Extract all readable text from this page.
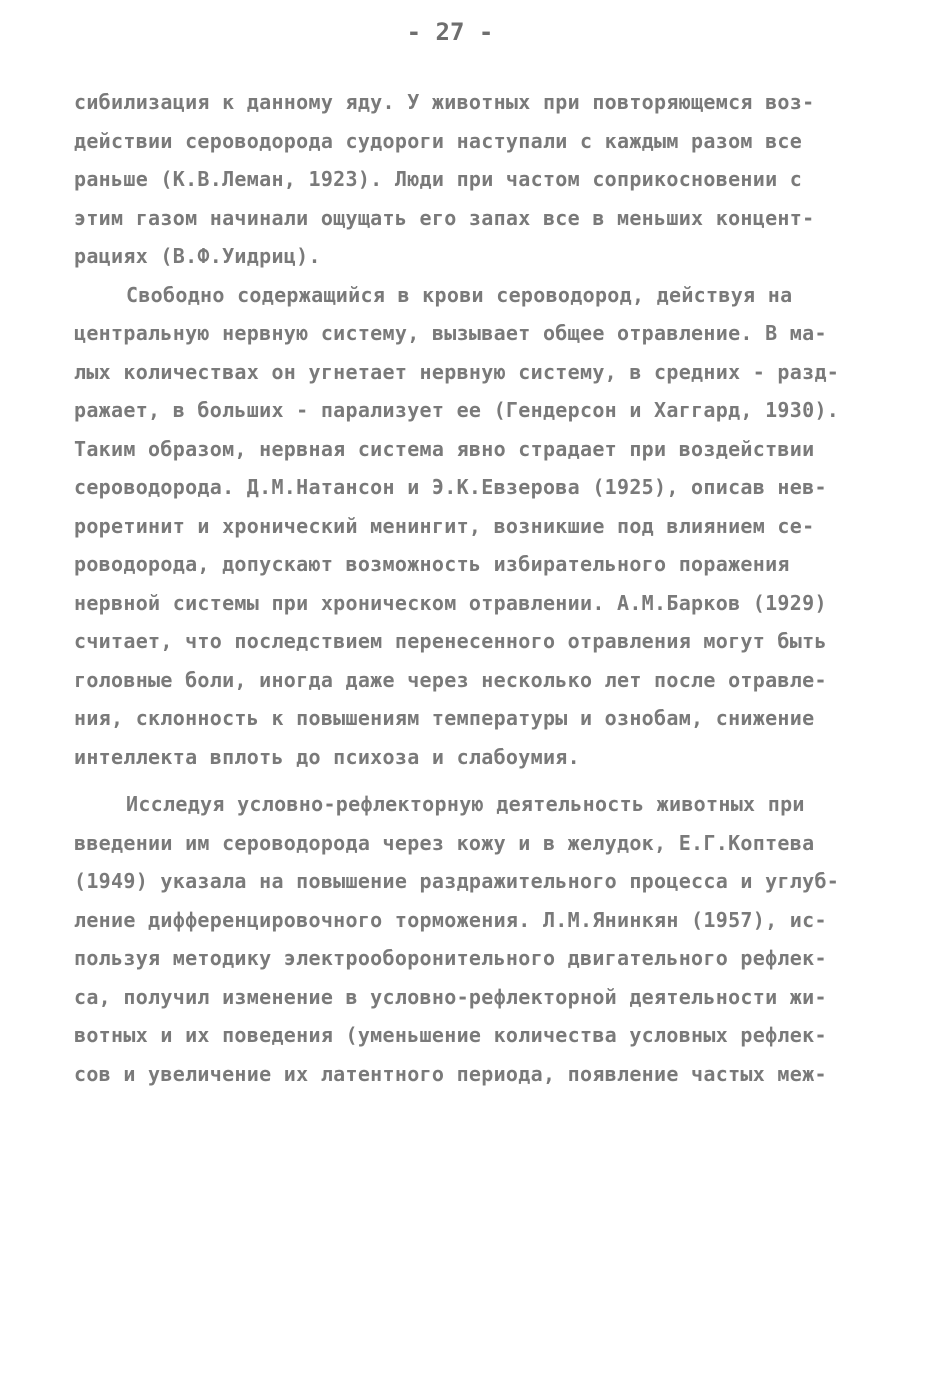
- 27 -
сибилизация к данному яду. У животных при повторяющемся воз-
действии сероводорода судороги наступали с каждым разом все
раньше (К.В.Леман, 1923). Люди при частом соприкосновении с
этим газом начинали ощущать его запах все в меньших концент-
рациях (В.Ф.Уидриц).
Свободно содержащийся в крови сероводород, действуя на
центральную нервную систему, вызывает общее отравление. В ма-
лых количествах он угнетает нервную систему, в средних - разд-
ражает, в больших - парализует ее (Гендерсон и Хаггард, 1930).
Таким образом, нервная система явно страдает при воздействии
сероводорода. Д.М.Натансон и Э.К.Евзерова (1925), описав нев-
роретинит и хронический менингит, возникшие под влиянием се-
роводорода, допускают возможность избирательного поражения
нервной системы при хроническом отравлении. А.М.Барков (1929)
считает, что последствием перенесенного отравления могут быть
головные боли, иногда даже через несколько лет после отравле-
ния, склонность к повышениям температуры и ознобам, снижение
интеллекта вплоть до психоза и слабоумия.
Исследуя условно-рефлекторную деятельность животных при
введении им сероводорода через кожу и в желудок, Е.Г.Коптева
(1949) указала на повышение раздражительного процесса и углуб-
ление дифференцировочного торможения. Л.М.Янинкян (1957), ис-
пользуя методику электрооборонительного двигательного рефлек-
са, получил изменение в условно-рефлекторной деятельности жи-
вотных и их поведения (уменьшение количества условных рефлек-
сов и увеличение их латентного периода, появление частых меж-
